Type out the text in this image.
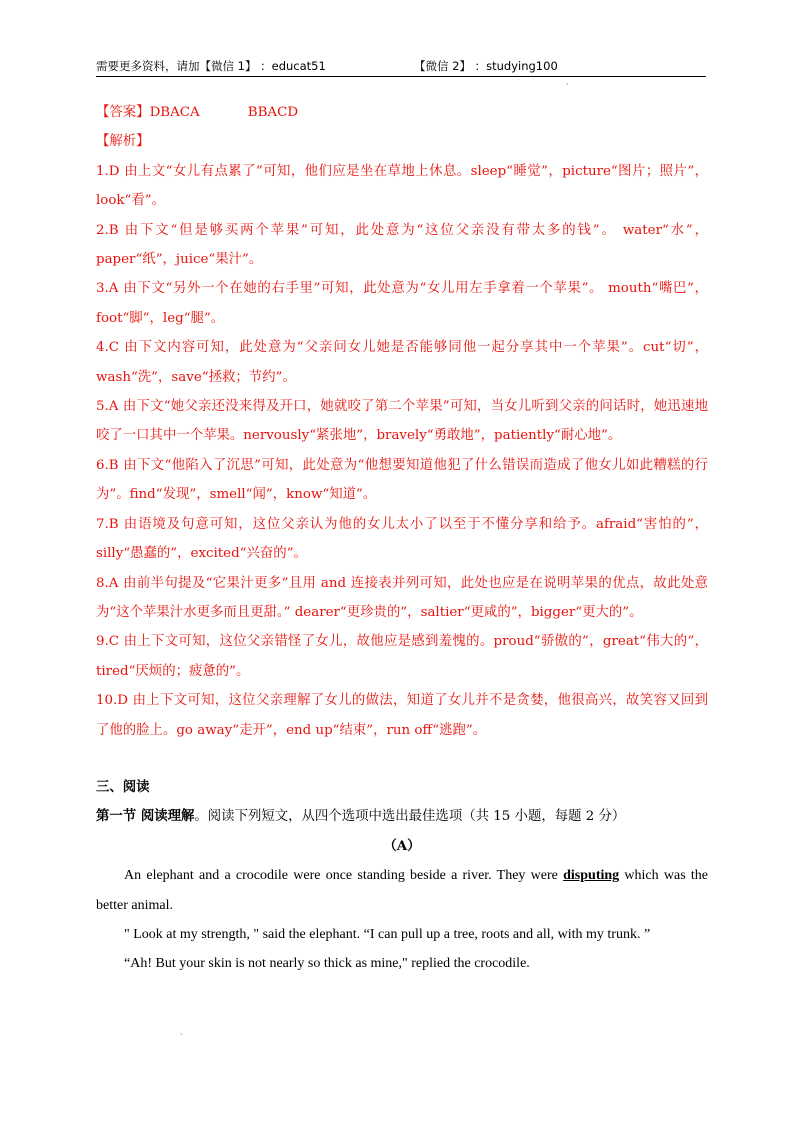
需要更多资料，请加【微信 1】 ：educat51	【微信 2】 ：studying100
·

【答案】DBACA	BBACD

【解析】

1.D 由上文“女儿有点累了”可知，他们应是坐在草地上休息。sleep“睡觉”，picture“图片；照片”，look“看”。

2.B 由下文“但是够买两个苹果”可知，此处意为“这位父亲没有带太多的钱”。 water“水”，paper“纸”，juice“果汁”。

3.A 由下文“另外一个在她的右手里”可知，此处意为“女儿用左手拿着一个苹果”。 mouth“嘴巴”，foot“脚”，leg“腿”。

4.C 由下文内容可知，此处意为“父亲问女儿她是否能够同他一起分享其中一个苹果”。cut“切”，wash“洗”，save“拯救；节约”。

5.A 由下文“她父亲还没来得及开口，她就咬了第二个苹果”可知，当女儿听到父亲的问话时，她迅速地咬了一口其中一个苹果。nervously“紧张地”，bravely“勇敢地”，patiently“耐心地”。

6.B 由下文“他陷入了沉思”可知，此处意为“他想要知道他犯了什么错误而造成了他女儿如此糟糕的行为”。find“发现”，smell“闻”，know“知道”。

7.B 由语境及句意可知，这位父亲认为他的女儿太小了以至于不懂分享和给予。afraid“害怕的”，silly“愚蠢的”，excited“兴奋的”。

8.A 由前半句提及“它果汁更多”且用 and 连接表并列可知，此处也应是在说明苹果的优点，故此处意为“这个苹果汁水更多而且更甜。” dearer“更珍贵的”，saltier“更咸的”，bigger“更大的”。

9.C 由上下文可知，这位父亲错怪了女儿，故他应是感到羞愧的。proud“骄傲的”，great“伟大的”，tired“厌烦的；疲惫的”。

10.D 由上下文可知，这位父亲理解了女儿的做法，知道了女儿并不是贪婪，他很高兴，故笑容又回到了他的脸上。go away“走开”，end up“结束”，run off“逃跑”。

三、阅读

第一节 阅读理解。阅读下列短文，从四个选项中选出最佳选项（共 15 小题，每题 2 分）

（A）

An elephant and a crocodile were once standing beside a river. They were disputing which was the better animal.

" Look at my strength, " said the elephant. “I can pull up a tree, roots and all, with my trunk. ”

“Ah! But your skin is not nearly so thick as mine," replied the crocodile.

·
